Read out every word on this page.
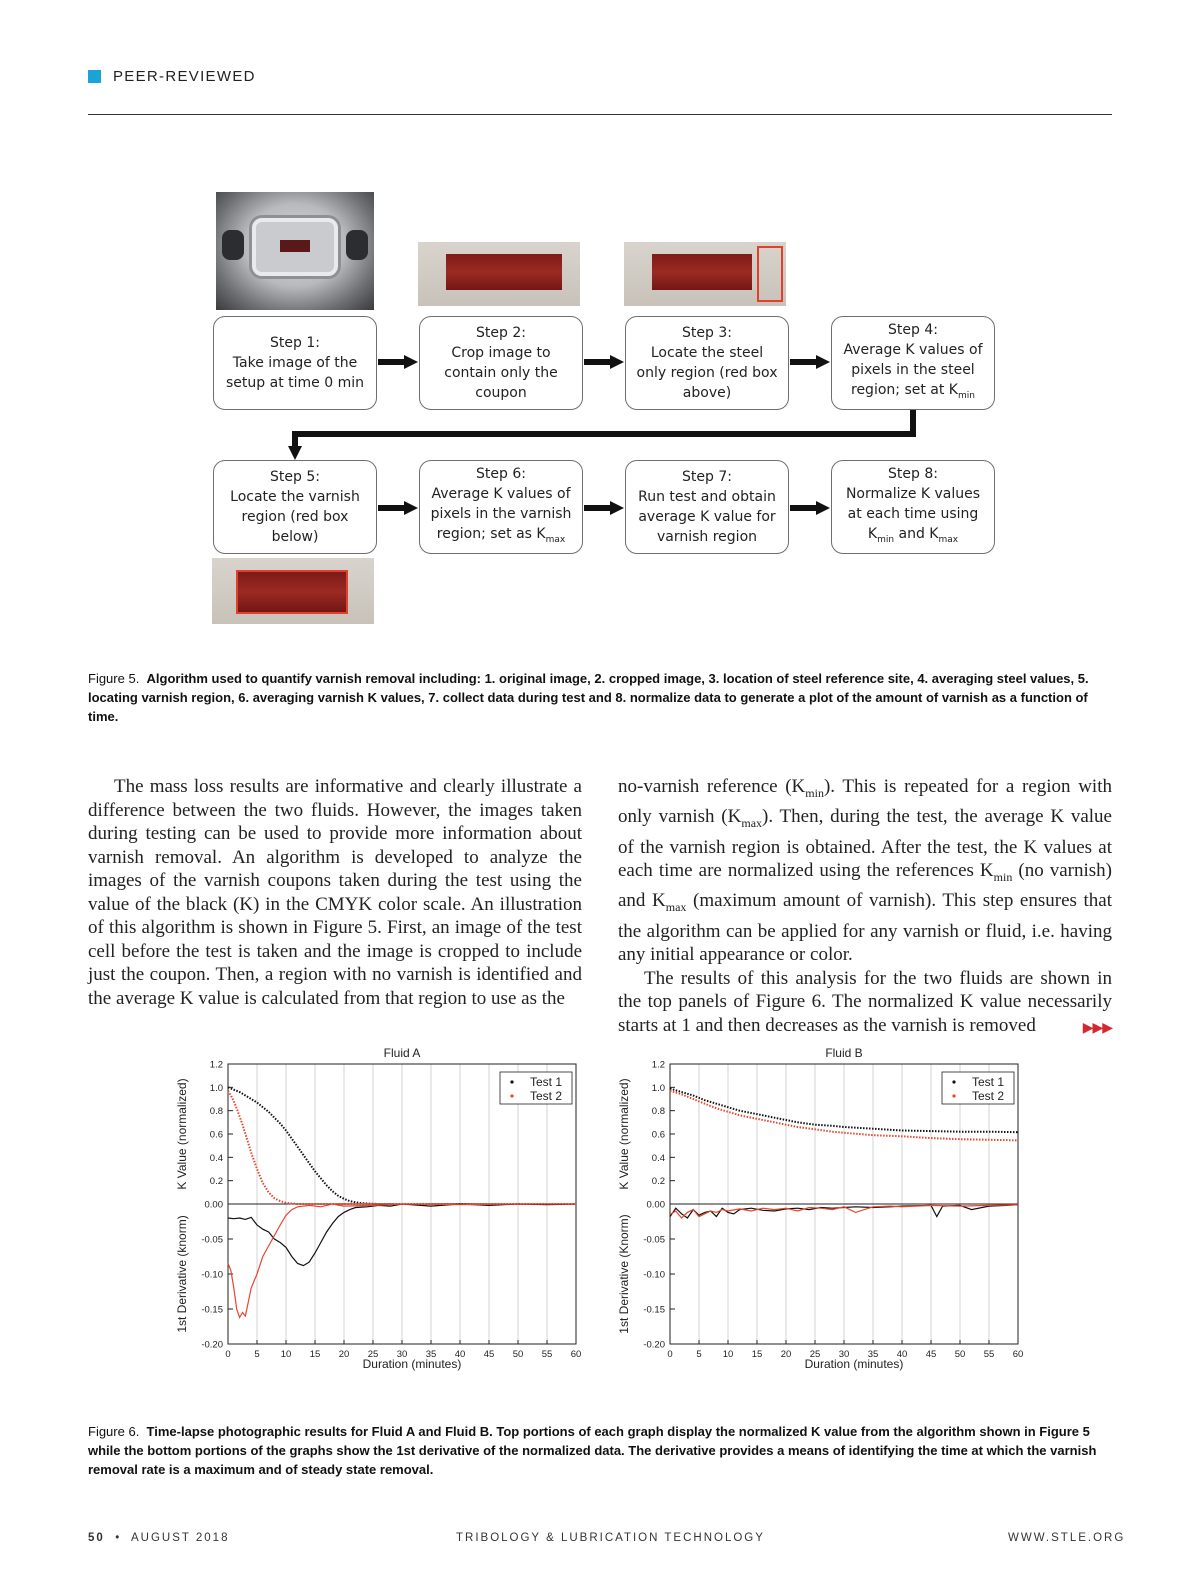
PEER-REVIEWED
Step 1:
Take image of the
setup at time 0 min
Step 2:
Crop image to
contain only the
coupon
Step 3:
Locate the steel
only region (red box
above)
Step 4:
Average K values of
pixels in the steel
region; set at $K_{min}$
Step 5:
Locate the varnish
region (red box
below)
Step 6:
Average K values of
pixels in the varnish
region; set as $K_{max}$
Step 7:
Run test and obtain
average K value for
varnish region
Step 8:
Normalize K values
at each time using
$K_{min}$ and $K_{max}$
Figure 5. Algorithm used to quantify varnish removal including: 1. original image, 2. cropped image, 3. location of steel reference site, 4. averaging steel values, 5. locating varnish region, 6. averaging varnish K values, 7. collect data during test and 8. normalize data to generate a plot of the amount of varnish as a function of time.

The mass loss results are informative and clearly illustrate a difference between the two fluids. However, the images taken during testing can be used to provide more information about varnish removal. An algorithm is developed to analyze the images of the varnish coupons taken during the test using the value of the black (K) in the CMYK color scale. An illustration of this algorithm is shown in Figure 5. First, an image of the test cell before the test is taken and the image is cropped to include just the coupon. Then, a region with no varnish is identified and the average K value is calculated from that region to use as the

no-varnish reference $(K_{min})$. This is repeated for a region with only varnish $(K_{max})$. Then, during the test, the average K value of the varnish region is obtained. After the test, the K values at each time are normalized using the references $K_{min}$ (no varnish) and $K_{max}$ (maximum amount of varnish). This step ensures that the algorithm can be applied for any varnish or fluid, i.e. having any initial appearance or color.

The results of this analysis for the two fluids are shown in the top panels of Figure 6. The normalized K value necessarily starts at 1 and then decreases as the varnish is removed	▶▶▶

Fluid A
0.00
0.2
0.4
0.6
0.8
1.0
1.2
-0.20
-0.15
-0.10
-0.05
0 5 10 15 20 25 30 35 40 45 50 55 60
Duration (minutes)
K Value (normalized)
1st Derivative (knorm)
Test 1
Test 2
Fluid B
0.00
0.2
0.4
0.6
0.8
1.0
1.2
-0.20
-0.15
-0.10
-0.05
0 5 10 15 20 25 30 35 40 45 50 55 60
Duration (minutes)
K Value (normalized)
1st Derivative (Knorm)
Test 1
Test 2
Figure 6. Time-lapse photographic results for Fluid A and Fluid B. Top portions of each graph display the normalized K value from the algorithm shown in Figure 5 while the bottom portions of the graphs show the 1st derivative of the normalized data. The derivative provides a means of identifying the time at which the varnish removal rate is a maximum and of steady state removal.
50 • AUGUST 2018	TRIBOLOGY & LUBRICATION TECHNOLOGY	WWW.STLE.ORG
